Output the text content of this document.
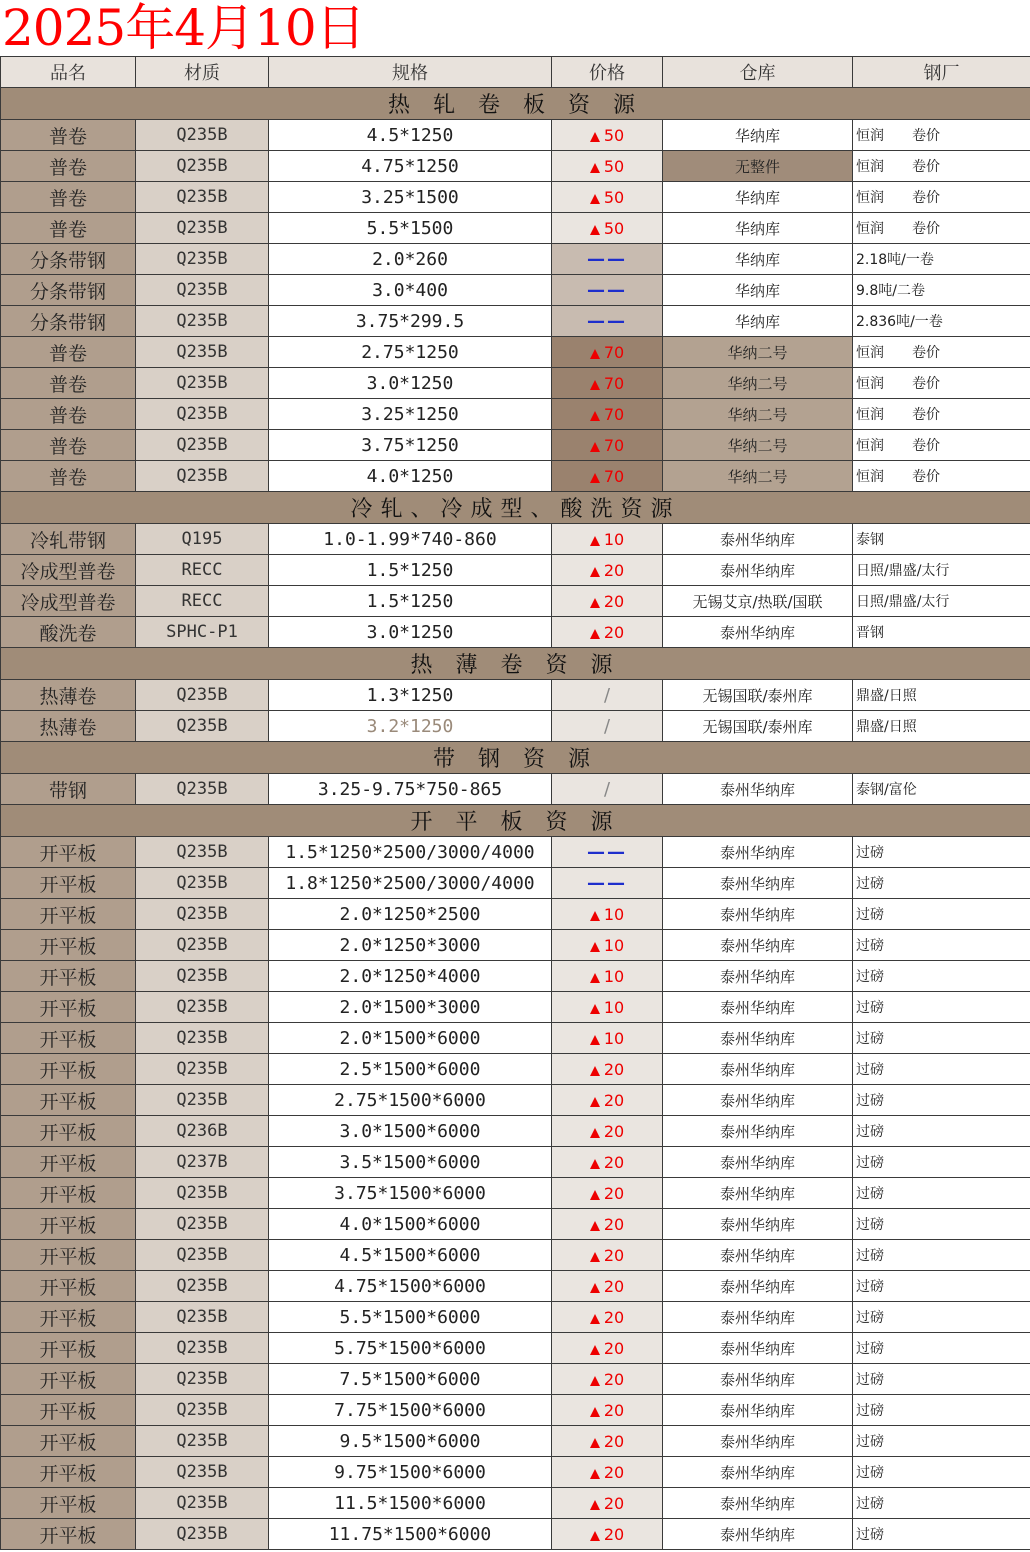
2025年4月10日
品名	材质	规格	价格	仓库	钢厂
热 轧 卷 板 资 源					
普卷	Q235B	4.5*1250	50	华纳库	恒润　　卷价
普卷	Q235B	4.75*1250	50	无整件	恒润　　卷价
普卷	Q235B	3.25*1500	50	华纳库	恒润　　卷价
普卷	Q235B	5.5*1500	50	华纳库	恒润　　卷价
分条带钢	Q235B	2.0*260	——	华纳库	2.18吨/一卷
分条带钢	Q235B	3.0*400	——	华纳库	9.8吨/二卷
分条带钢	Q235B	3.75*299.5	——	华纳库	2.836吨/一卷
普卷	Q235B	2.75*1250	70	华纳二号	恒润　　卷价
普卷	Q235B	3.0*1250	70	华纳二号	恒润　　卷价
普卷	Q235B	3.25*1250	70	华纳二号	恒润　　卷价
普卷	Q235B	3.75*1250	70	华纳二号	恒润　　卷价
普卷	Q235B	4.0*1250	70	华纳二号	恒润　　卷价
冷轧、冷成型、酸洗资源					
冷轧带钢	Q195	1.0-1.99*740-860	10	泰州华纳库	泰钢
冷成型普卷	RECC	1.5*1250	20	泰州华纳库	日照/鼎盛/太行
冷成型普卷	RECC	1.5*1250	20	无锡艾京/热联/国联	日照/鼎盛/太行
酸洗卷	SPHC-P1	3.0*1250	20	泰州华纳库	晋钢
热 薄 卷 资 源					
热薄卷	Q235B	1.3*1250	/	无锡国联/泰州库	鼎盛/日照
热薄卷	Q235B	3.2*1250	/	无锡国联/泰州库	鼎盛/日照
带 钢 资 源					
带钢	Q235B	3.25-9.75*750-865	/	泰州华纳库	泰钢/富伦
开 平 板 资 源					
开平板	Q235B	1.5*1250*2500/3000/4000	——	泰州华纳库	过磅
开平板	Q235B	1.8*1250*2500/3000/4000	——	泰州华纳库	过磅
开平板	Q235B	2.0*1250*2500	10	泰州华纳库	过磅
开平板	Q235B	2.0*1250*3000	10	泰州华纳库	过磅
开平板	Q235B	2.0*1250*4000	10	泰州华纳库	过磅
开平板	Q235B	2.0*1500*3000	10	泰州华纳库	过磅
开平板	Q235B	2.0*1500*6000	10	泰州华纳库	过磅
开平板	Q235B	2.5*1500*6000	20	泰州华纳库	过磅
开平板	Q235B	2.75*1500*6000	20	泰州华纳库	过磅
开平板	Q236B	3.0*1500*6000	20	泰州华纳库	过磅
开平板	Q237B	3.5*1500*6000	20	泰州华纳库	过磅
开平板	Q235B	3.75*1500*6000	20	泰州华纳库	过磅
开平板	Q235B	4.0*1500*6000	20	泰州华纳库	过磅
开平板	Q235B	4.5*1500*6000	20	泰州华纳库	过磅
开平板	Q235B	4.75*1500*6000	20	泰州华纳库	过磅
开平板	Q235B	5.5*1500*6000	20	泰州华纳库	过磅
开平板	Q235B	5.75*1500*6000	20	泰州华纳库	过磅
开平板	Q235B	7.5*1500*6000	20	泰州华纳库	过磅
开平板	Q235B	7.75*1500*6000	20	泰州华纳库	过磅
开平板	Q235B	9.5*1500*6000	20	泰州华纳库	过磅
开平板	Q235B	9.75*1500*6000	20	泰州华纳库	过磅
开平板	Q235B	11.5*1500*6000	20	泰州华纳库	过磅
开平板	Q235B	11.75*1500*6000	20	泰州华纳库	过磅
